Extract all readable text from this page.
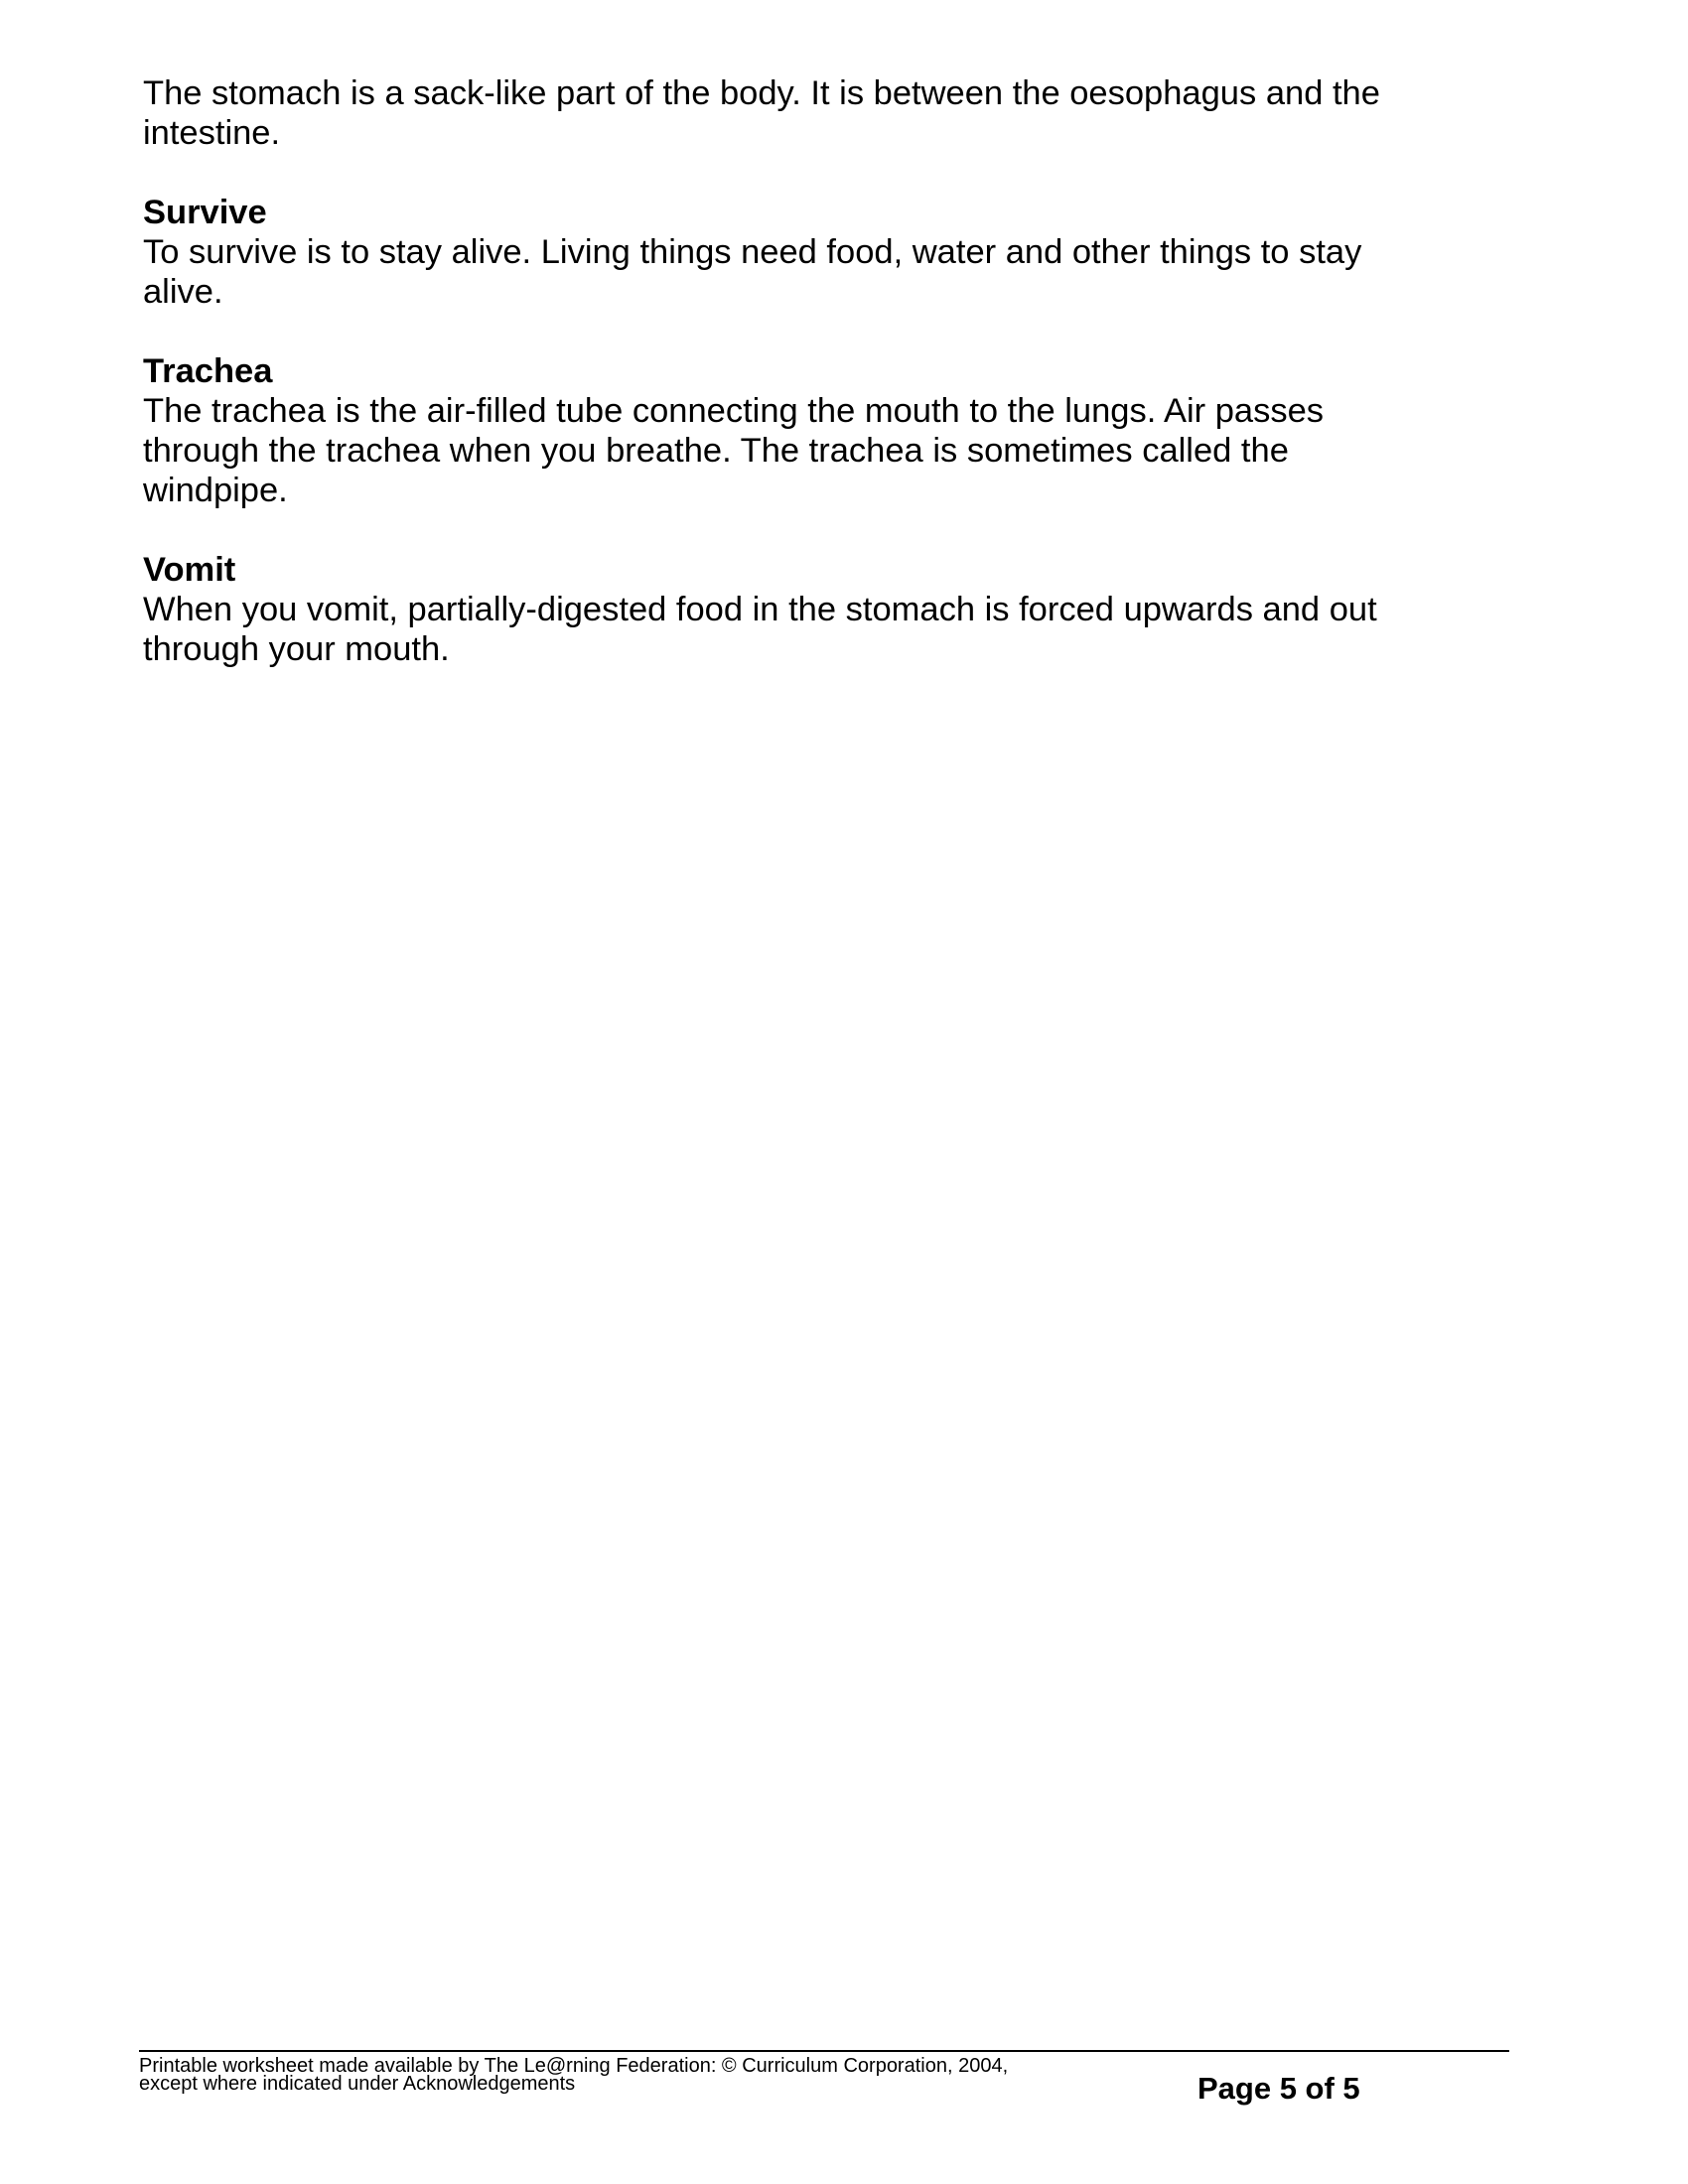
The stomach is a sack-like part of the body. It is between the oesophagus and the
intestine.
Survive
To survive is to stay alive. Living things need food, water and other things to stay
alive.
Trachea
The trachea is the air-filled tube connecting the mouth to the lungs. Air passes
through the trachea when you breathe. The trachea is sometimes called the
windpipe.
Vomit
When you vomit, partially-digested food in the stomach is forced upwards and out
through your mouth.
Printable worksheet made available by The Le@rning Federation: © Curriculum Corporation, 2004,
except where indicated under Acknowledgements	Page 5 of 5
